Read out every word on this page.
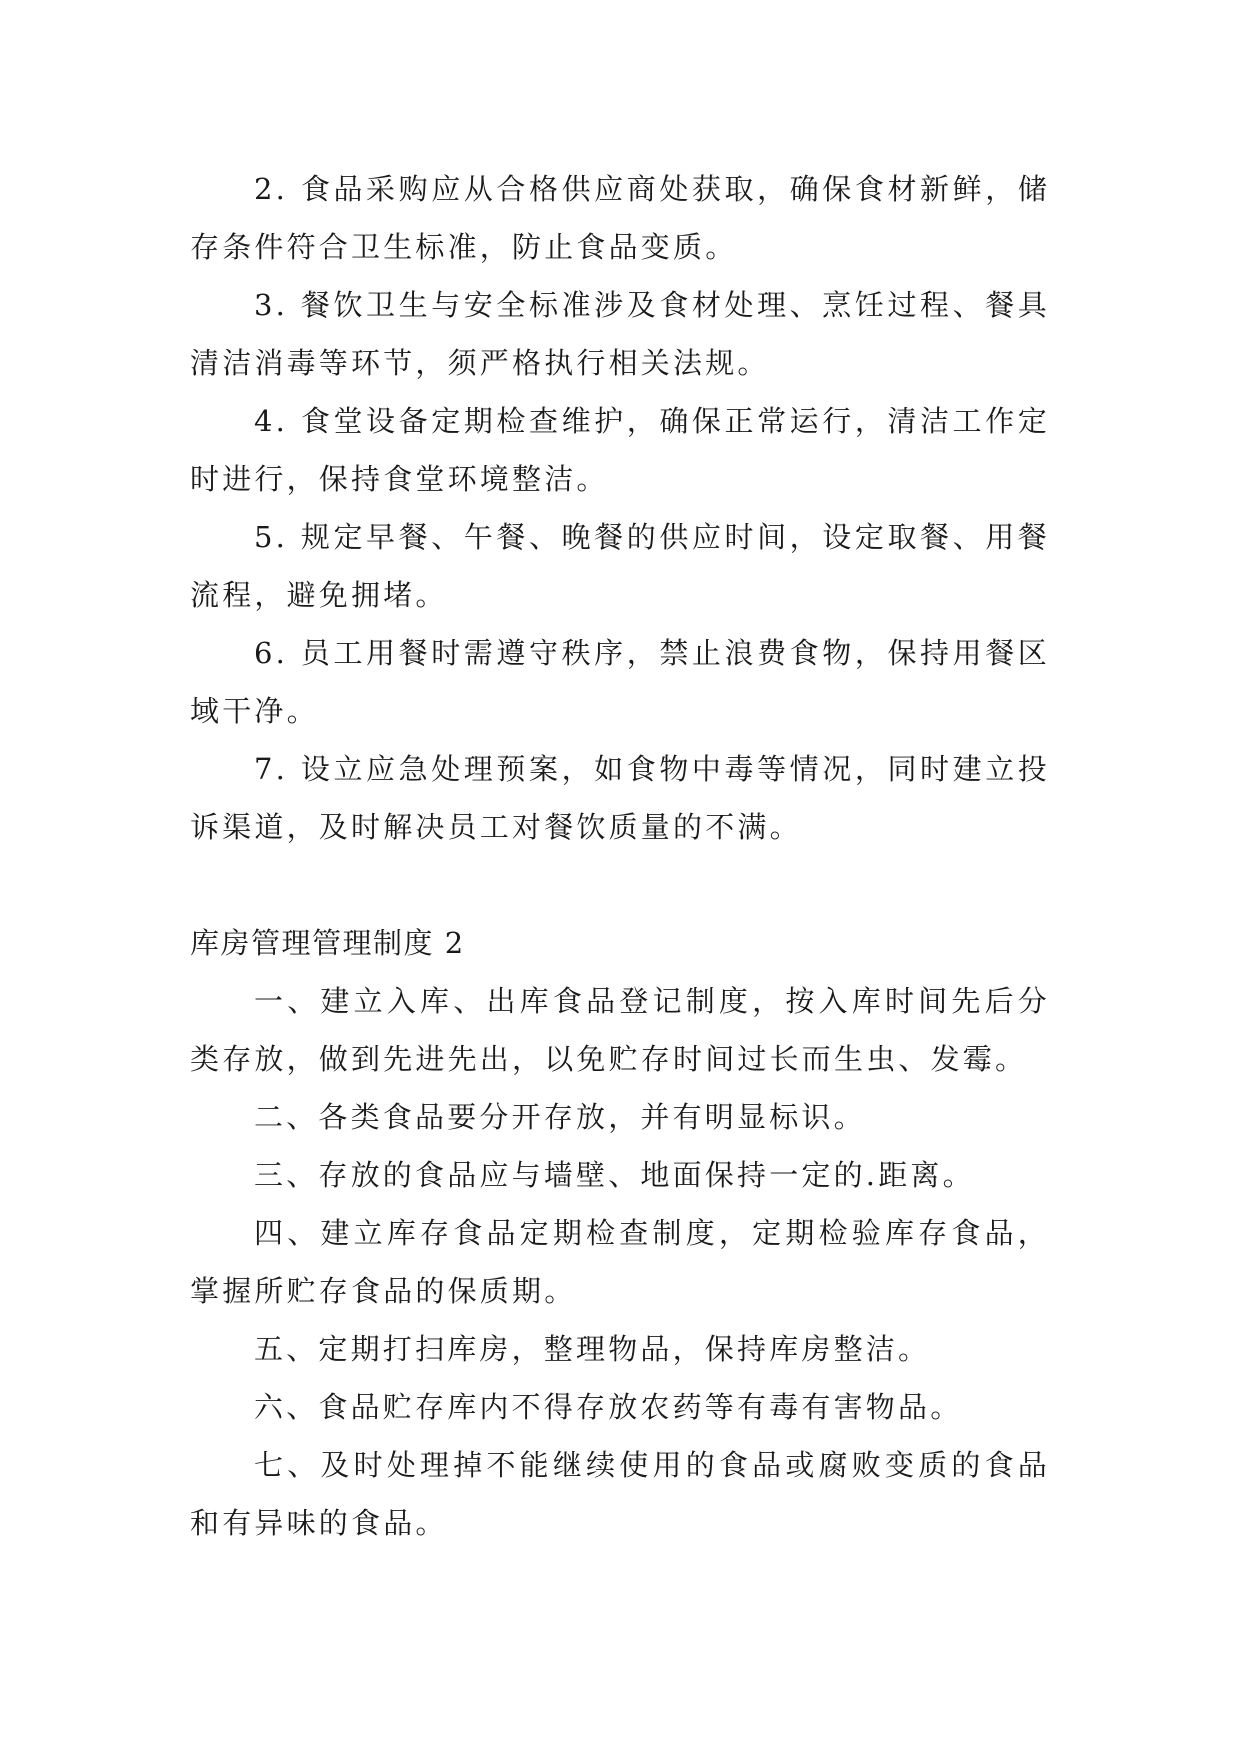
2. 食品采购应从合格供应商处获取，确保食材新鲜，储存条件符合卫生标准，防止食品变质。

3. 餐饮卫生与安全标准涉及食材处理、烹饪过程、餐具清洁消毒等环节，须严格执行相关法规。

4. 食堂设备定期检查维护，确保正常运行，清洁工作定时进行，保持食堂环境整洁。

5. 规定早餐、午餐、晚餐的供应时间，设定取餐、用餐流程，避免拥堵。

6. 员工用餐时需遵守秩序，禁止浪费食物，保持用餐区域干净。

7. 设立应急处理预案，如食物中毒等情况，同时建立投诉渠道，及时解决员工对餐饮质量的不满。

库房管理管理制度 2

一、建立入库、出库食品登记制度，按入库时间先后分类存放，做到先进先出，以免贮存时间过长而生虫、发霉。

二、各类食品要分开存放，并有明显标识。

三、存放的食品应与墙壁、地面保持一定的.距离。

四、建立库存食品定期检查制度，定期检验库存食品，掌握所贮存食品的保质期。

五、定期打扫库房，整理物品，保持库房整洁。

六、食品贮存库内不得存放农药等有毒有害物品。

七、及时处理掉不能继续使用的食品或腐败变质的食品和有异味的食品。
